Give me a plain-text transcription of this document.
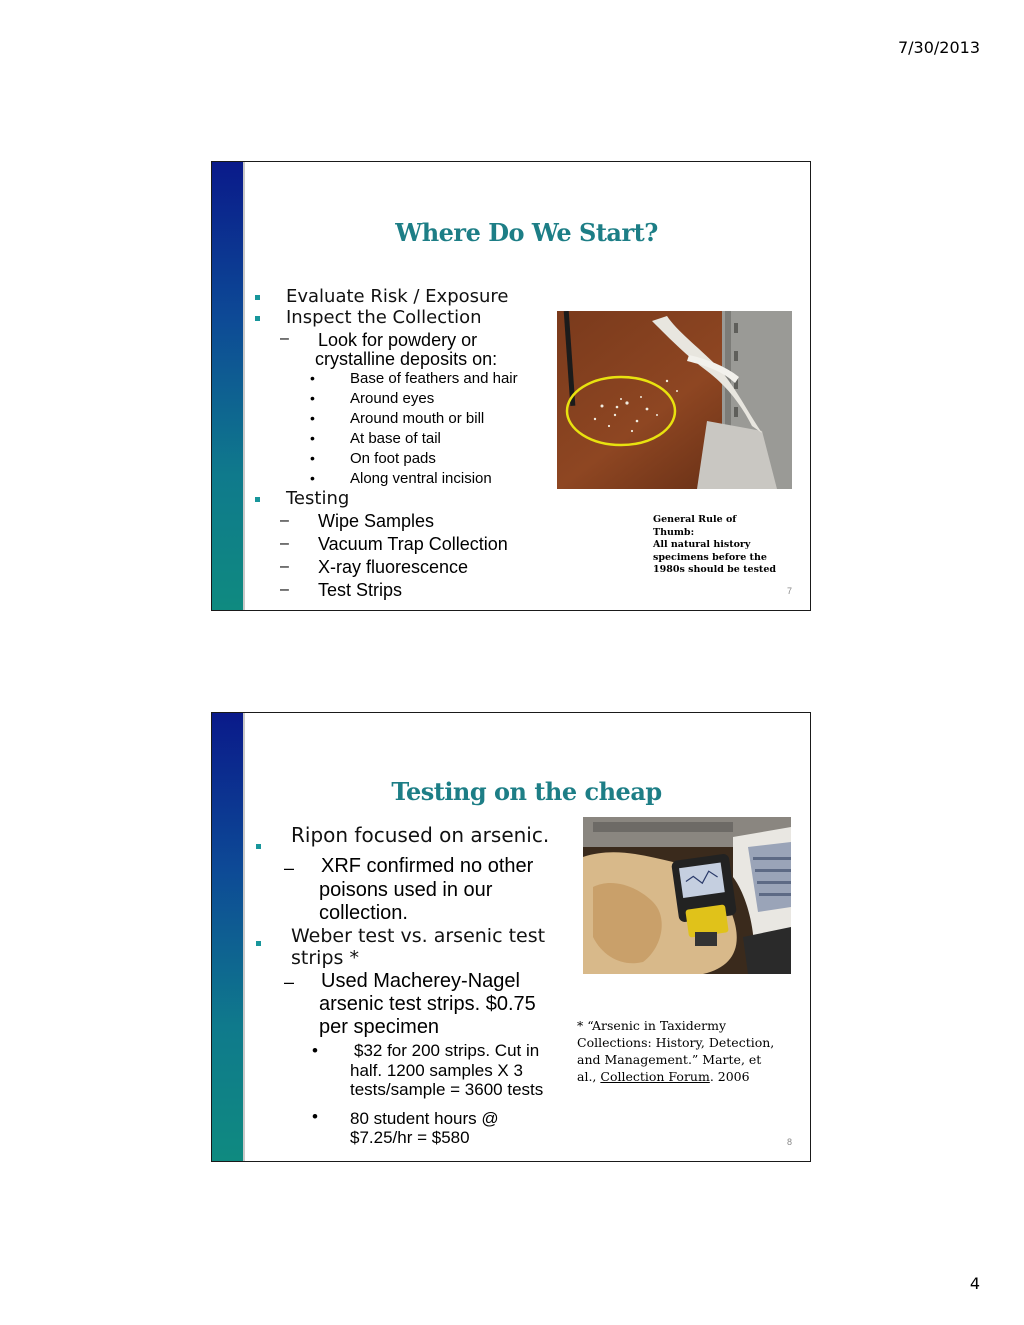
7/30/2013
Where Do We Start?
Evaluate Risk / Exposure
Inspect the Collection
– Look for powdery or
crystalline deposits on:
• Base of feathers and hair
• Around eyes
• Around mouth or bill
• At base of tail
• On foot pads
• Along ventral incision
Testing
– Wipe Samples
– Vacuum Trap Collection
– X-ray fluorescence
– Test Strips
General Rule of
Thumb:
All natural history
specimens before the
1980s should be tested
7
Testing on the cheap
Ripon focused on arsenic.
– XRF confirmed no other
poisons used in our
collection.
Weber test vs. arsenic test
strips *
– Used Macherey-Nagel
arsenic test strips. $0.75
per specimen
• $32 for 200 strips. Cut in
half. 1200 samples X 3
tests/sample = 3600 tests
• 80 student hours @
$7.25/hr = $580
* “Arsenic in Taxidermy
Collections: History, Detection,
and Management.” Marte, et
al., Collection Forum. 2006
8
4
